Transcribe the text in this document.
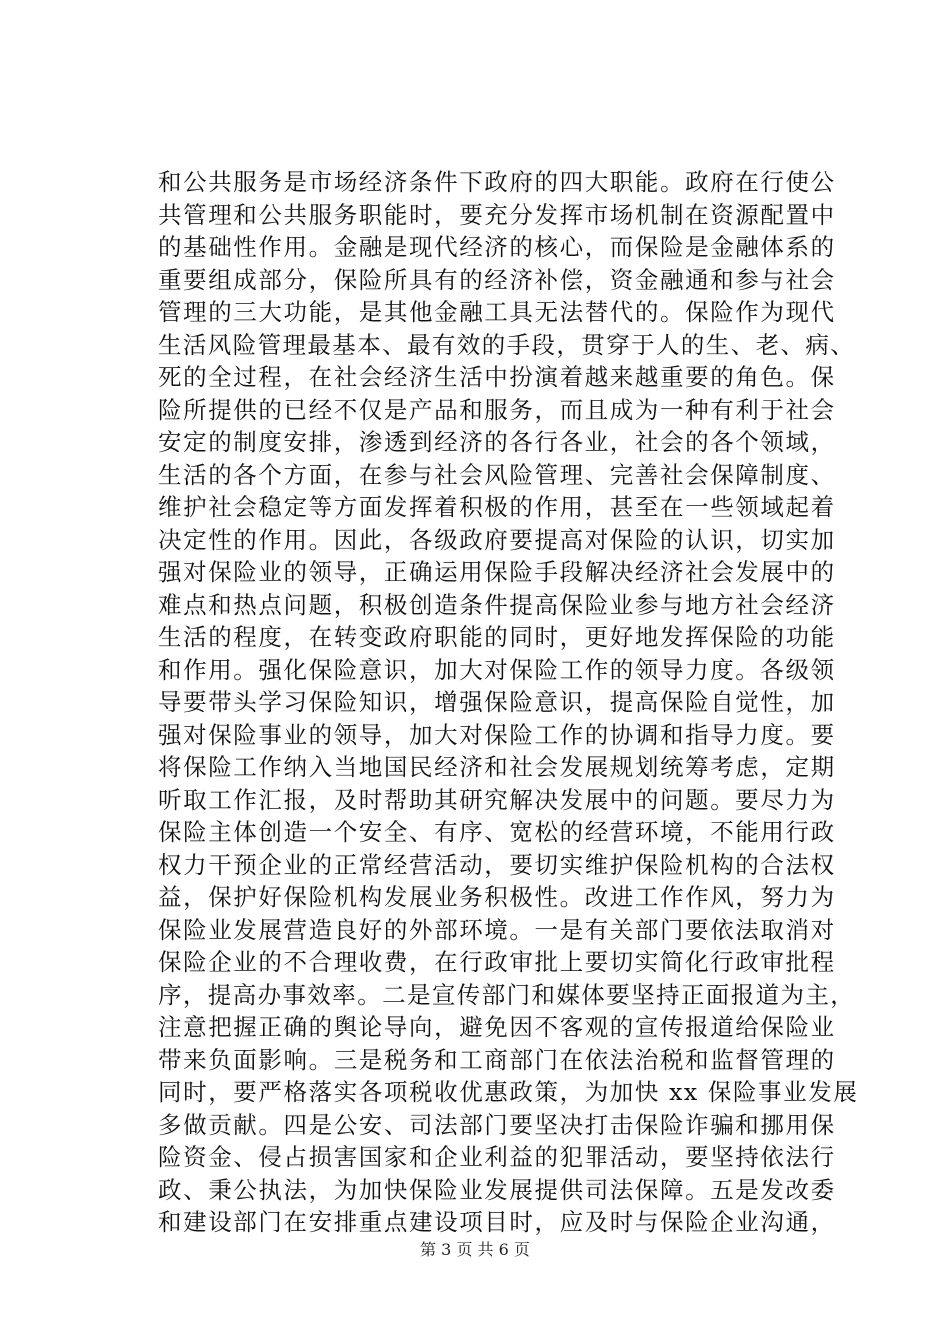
和公共服务是市场经济条件下政府的四大职能。政府在行使公
共管理和公共服务职能时，要充分发挥市场机制在资源配置中
的基础性作用。金融是现代经济的核心，而保险是金融体系的
重要组成部分，保险所具有的经济补偿，资金融通和参与社会
管理的三大功能，是其他金融工具无法替代的。保险作为现代
生活风险管理最基本、最有效的手段，贯穿于人的生、老、病、
死的全过程，在社会经济生活中扮演着越来越重要的角色。保
险所提供的已经不仅是产品和服务，而且成为一种有利于社会
安定的制度安排，渗透到经济的各行各业，社会的各个领域，
生活的各个方面，在参与社会风险管理、完善社会保障制度、
维护社会稳定等方面发挥着积极的作用，甚至在一些领域起着
决定性的作用。因此，各级政府要提高对保险的认识，切实加
强对保险业的领导，正确运用保险手段解决经济社会发展中的
难点和热点问题，积极创造条件提高保险业参与地方社会经济
生活的程度，在转变政府职能的同时，更好地发挥保险的功能
和作用。强化保险意识，加大对保险工作的领导力度。各级领
导要带头学习保险知识，增强保险意识，提高保险自觉性，加
强对保险事业的领导，加大对保险工作的协调和指导力度。要
将保险工作纳入当地国民经济和社会发展规划统筹考虑，定期
听取工作汇报，及时帮助其研究解决发展中的问题。要尽力为
保险主体创造一个安全、有序、宽松的经营环境，不能用行政
权力干预企业的正常经营活动，要切实维护保险机构的合法权
益，保护好保险机构发展业务积极性。改进工作作风，努力为
保险业发展营造良好的外部环境。一是有关部门要依法取消对
保险企业的不合理收费，在行政审批上要切实简化行政审批程
序，提高办事效率。二是宣传部门和媒体要坚持正面报道为主，
注意把握正确的舆论导向，避免因不客观的宣传报道给保险业
带来负面影响。三是税务和工商部门在依法治税和监督管理的
同时，要严格落实各项税收优惠政策，为加快 xx 保险事业发展
多做贡献。四是公安、司法部门要坚决打击保险诈骗和挪用保
险资金、侵占损害国家和企业利益的犯罪活动，要坚持依法行
政、秉公执法，为加快保险业发展提供司法保障。五是发改委
和建设部门在安排重点建设项目时，应及时与保险企业沟通，
第 3 页 共 6 页
